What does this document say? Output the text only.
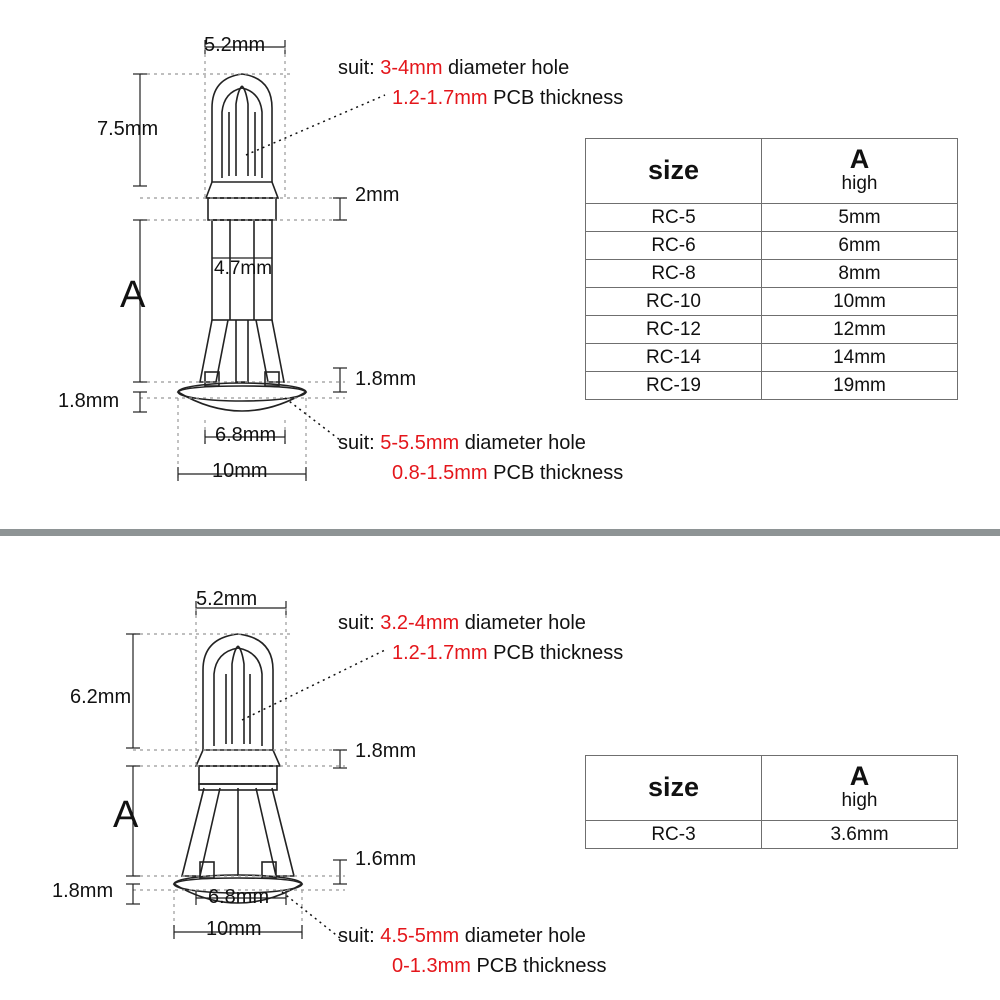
5.2mm
7.5mm
2mm
4.7mm
A
1.8mm
1.8mm
6.8mm
10mm
suit: 3-4mm diameter hole
1.2-1.7mm PCB thickness
suit: 5-5.5mm diameter hole
0.8-1.5mm PCB thickness
size	A
high

RC-5	5mm
RC-6	6mm
RC-8	8mm
RC-10	10mm
RC-12	12mm
RC-14	14mm
RC-19	19mm
5.2mm
6.2mm
1.8mm
A
1.6mm
1.8mm	6.8mm
10mm
suit: 3.2-4mm diameter hole
1.2-1.7mm PCB thickness
suit: 4.5-5mm diameter hole
0-1.3mm PCB thickness
size	A
high

RC-3	3.6mm
